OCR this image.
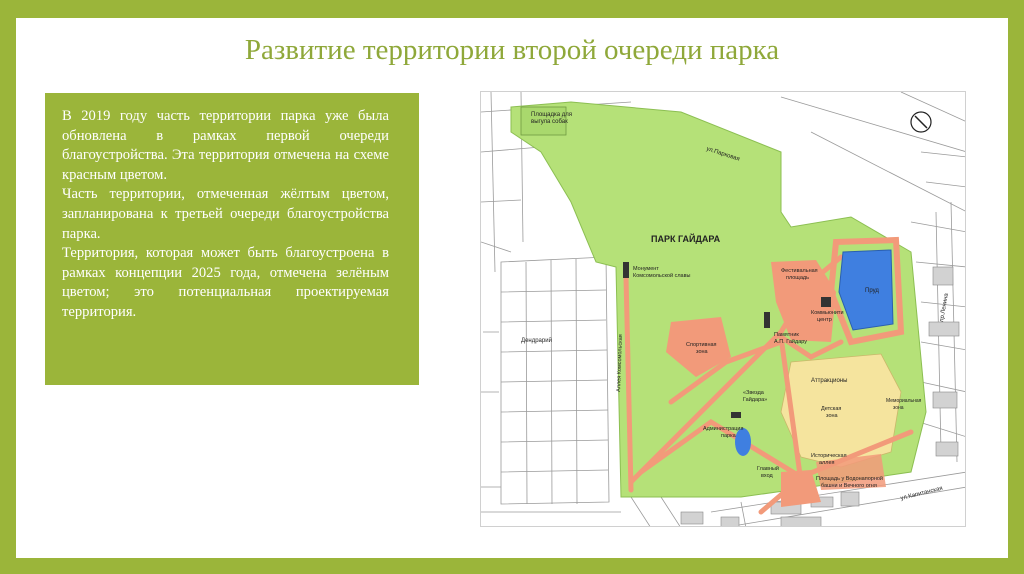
Развитие территории второй очереди парка

В 2019 году часть территории парка уже была обновлена в рамках первой очереди благоустройства. Эта территория отмечена на схеме красным цветом.

Часть территории, отмеченная жёлтым цветом, запланирована к третьей очереди благоустройства парка.

Территория, которая может быть благоустроена в рамках концепции 2025 года, отмечена зелёным цветом; это потенциальная проектируемая территория.

Площадка для
выгула собак
ул.Парковая
пр.Ленина
ПАРК ГАЙДАРА
Монумент
Комсомольской славы
Фестивальная
площадь
Пруд
Коммьюнити
центр
Памятник
А.П. Гайдару
Спортивная
зона
Дендрарий	Аллея Комсомольская	Аттракционы
«Звезда
Гайдара»
Детская
зона
Мемориальная
зона
Администрация
парка
Историческая
аллея
Главный
вход	Площадь у Водонапорной
башни и Вечного огня	ул.Капитанская
